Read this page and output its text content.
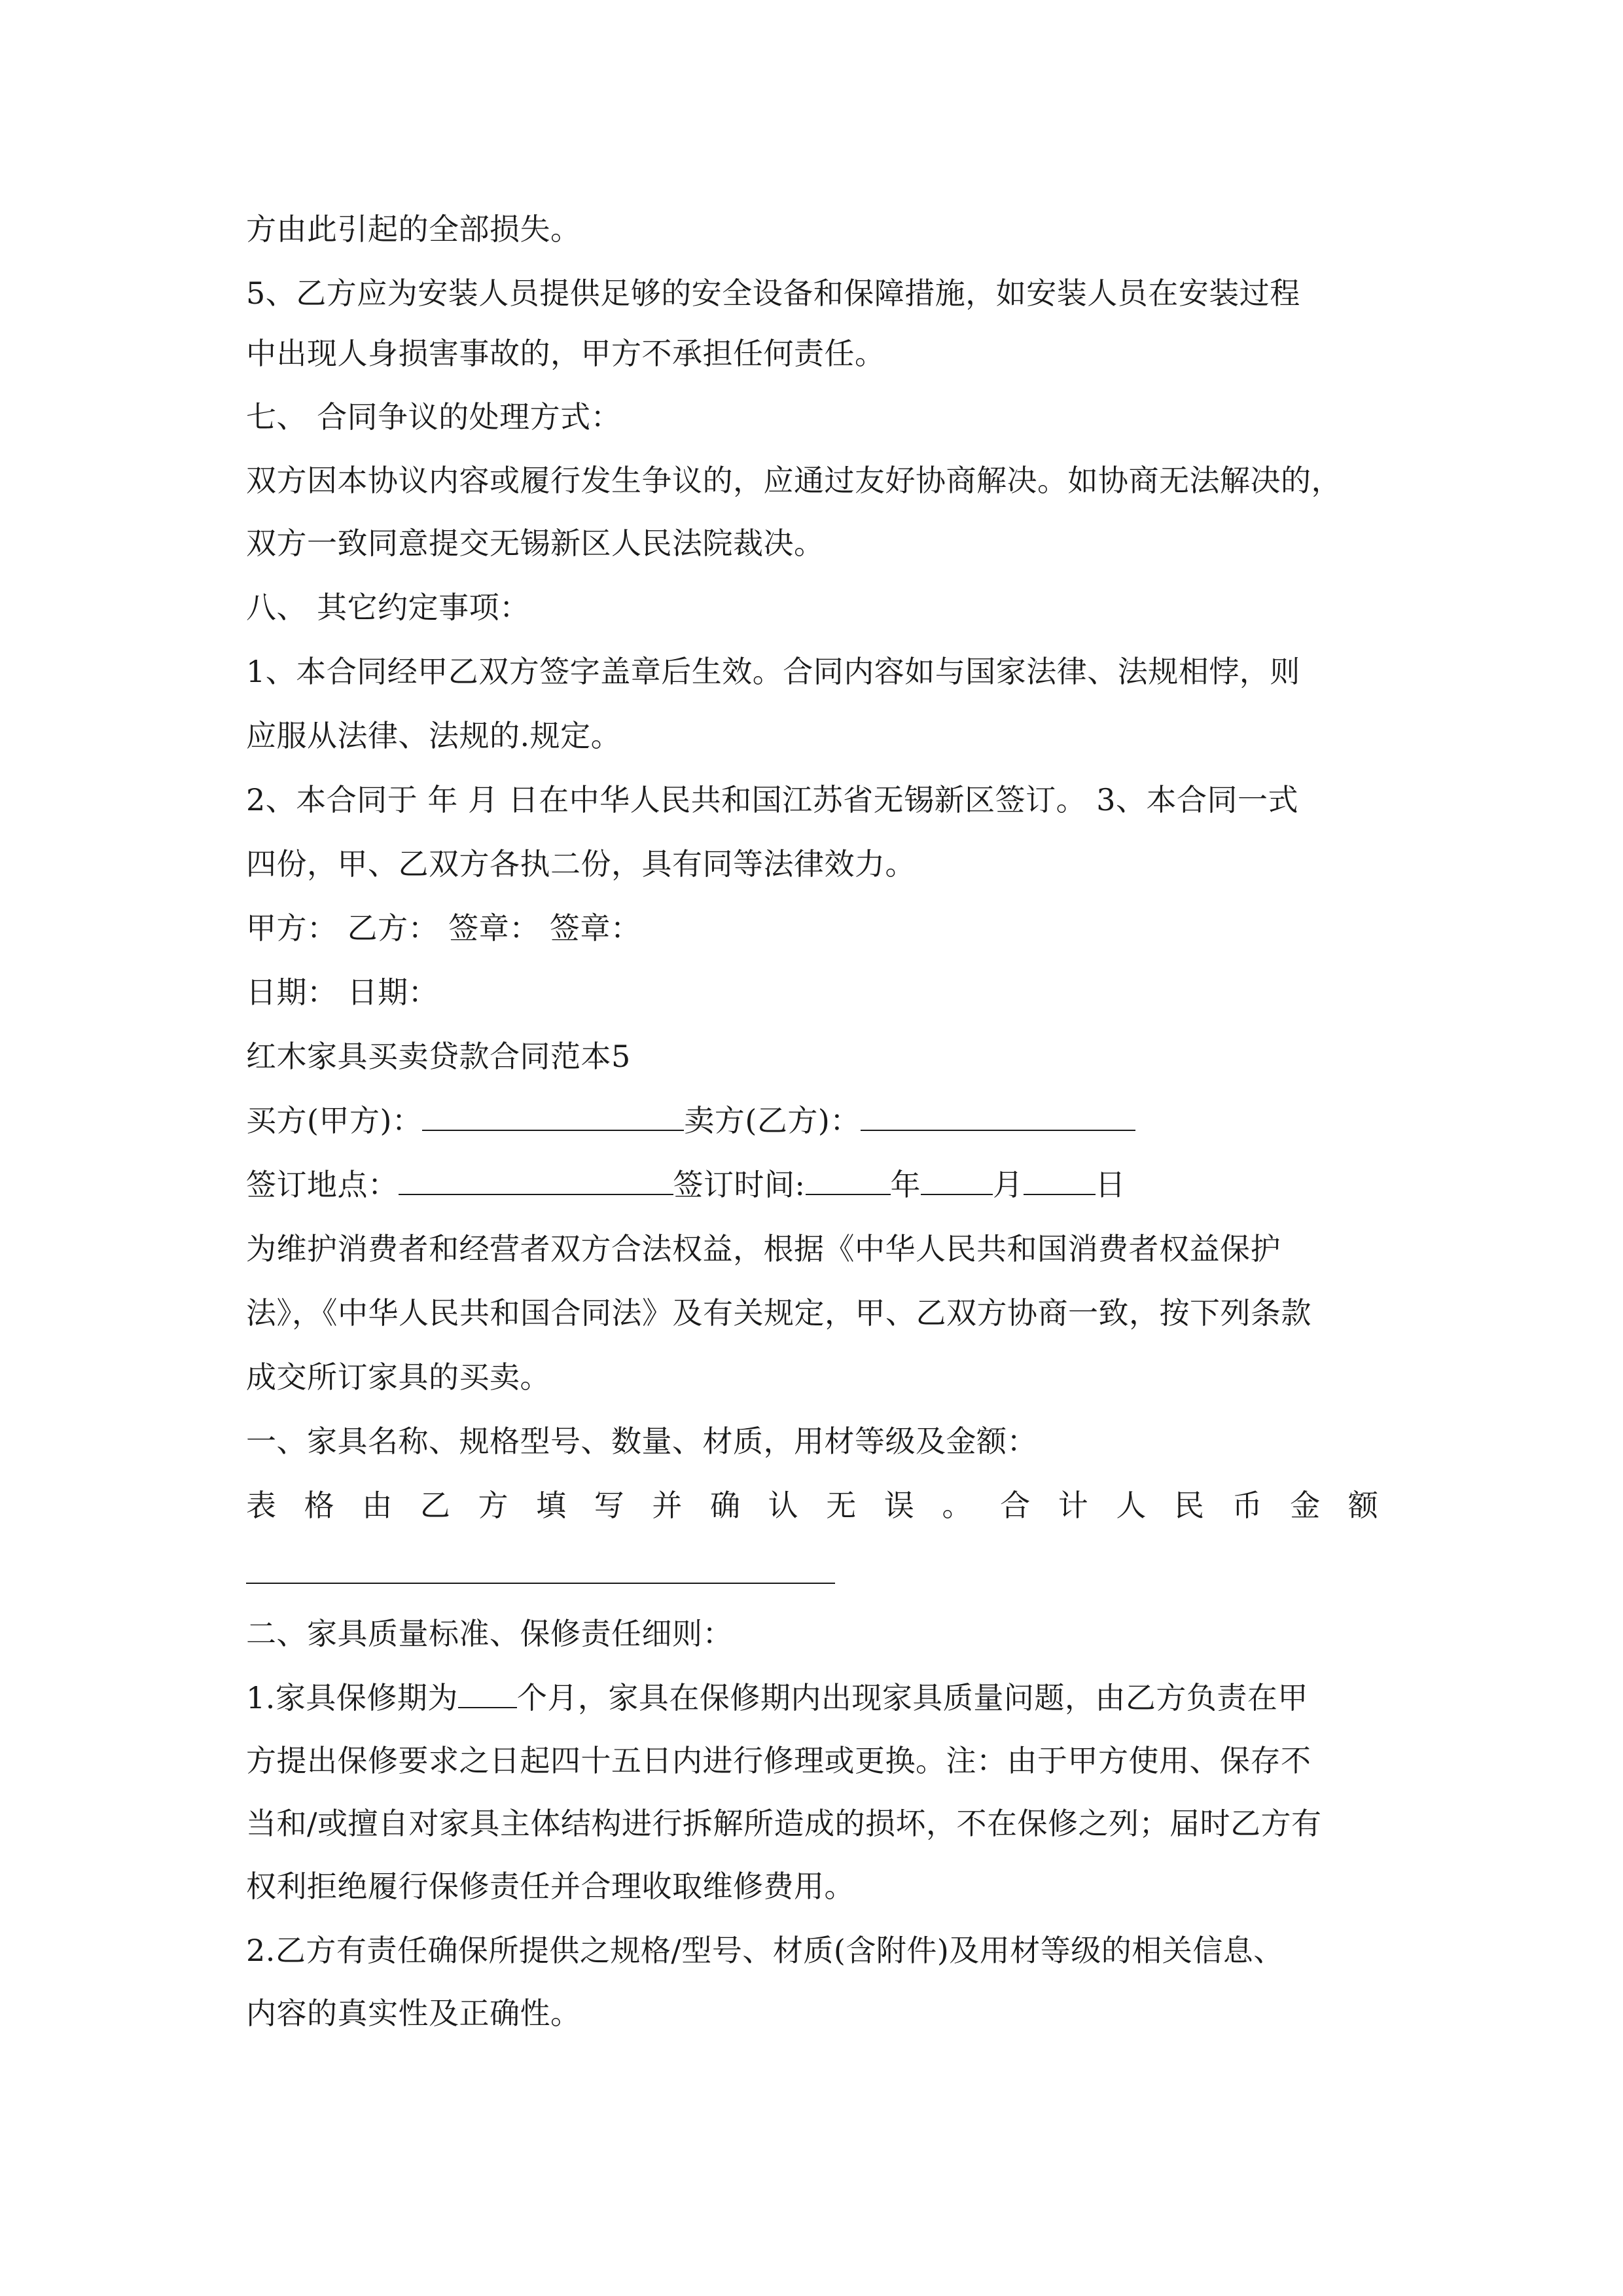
方由此引起的全部损失。
5、乙方应为安装人员提供足够的安全设备和保障措施，如安装人员在安装过程
中出现人身损害事故的，甲方不承担任何责任。
七、 合同争议的处理方式：
双方因本协议内容或履行发生争议的，应通过友好协商解决。如协商无法解决的，
双方一致同意提交无锡新区人民法院裁决。
八、 其它约定事项：
1、本合同经甲乙双方签字盖章后生效。合同内容如与国家法律、法规相悖，则
应服从法律、法规的.规定。
2、本合同于 年 月 日在中华人民共和国江苏省无锡新区签订。 3、本合同一式
四份，甲、乙双方各执二份，具有同等法律效力。
甲方： 乙方： 签章： 签章：
日期： 日期：
红木家具买卖贷款合同范本5
买方(甲方)：	卖方(乙方)：
签订地点：	签订时间:	年 月 日
为维护消费者和经营者双方合法权益，根据《中华人民共和国消费者权益保护
法》，《中华人民共和国合同法》及有关规定，甲、乙双方协商一致，按下列条款
成交所订家具的买卖。
一、家具名称、规格型号、数量、材质，用材等级及金额：
表 格 由 乙 方 填 写 并 确 认 无 误 。 合 计 人 民 币 金 额
二、家具质量标准、保修责任细则：
1.家具保修期为 个月，家具在保修期内出现家具质量问题，由乙方负责在甲
方提出保修要求之日起四十五日内进行修理或更换。注：由于甲方使用、保存不
当和/或擅自对家具主体结构进行拆解所造成的损坏，不在保修之列；届时乙方有
权利拒绝履行保修责任并合理收取维修费用。
2.乙方有责任确保所提供之规格/型号、材质(含附件)及用材等级的相关信息、
内容的真实性及正确性。
